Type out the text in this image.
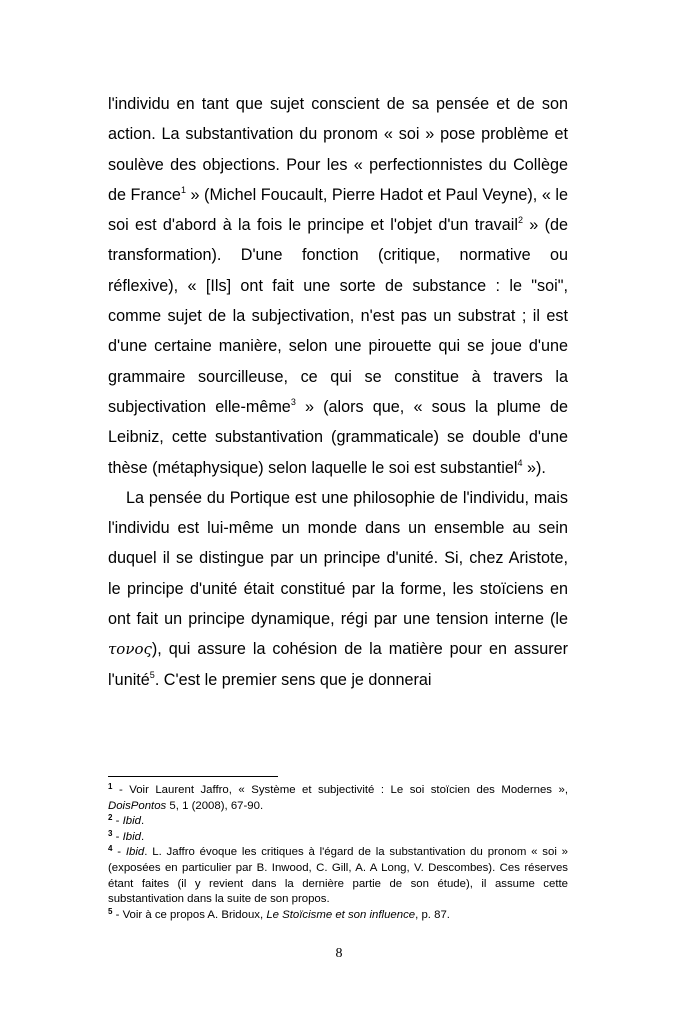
l'individu en tant que sujet conscient de sa pensée et de son action. La substantivation du pronom « soi » pose problème et soulève des objections. Pour les « perfectionnistes du Collège de France$^1$ » (Michel Foucault, Pierre Hadot et Paul Veyne), « le soi est d'abord à la fois le principe et l'objet d'un travail$^2$ » (de transformation). D'une fonction (critique, normative ou réflexive), « [Ils] ont fait une sorte de substance : le "soi", comme sujet de la subjectivation, n'est pas un substrat ; il est d'une certaine manière, selon une pirouette qui se joue d'une grammaire sourcilleuse, ce qui se constitue à travers la subjectivation elle-même$^3$ » (alors que, « sous la plume de Leibniz, cette substantivation (grammaticale) se double d'une thèse (métaphysique) selon laquelle le soi est substantiel$^4$ »).

La pensée du Portique est une philosophie de l'individu, mais l'individu est lui-même un monde dans un ensemble au sein duquel il se distingue par un principe d'unité. Si, chez Aristote, le principe d'unité était constitué par la forme, les stoïciens en ont fait un principe dynamique, régi par une tension interne (le τονος), qui assure la cohésion de la matière pour en assurer l'unité$^5$. C'est le premier sens que je donnerai

$^1$ - Voir Laurent Jaffro, « Système et subjectivité : Le soi stoïcien des Modernes », DoisPontos 5, 1 (2008), 67-90.

$^2$ - Ibid.

$^3$ - Ibid.

$^4$ - Ibid. L. Jaffro évoque les critiques à l'égard de la substantivation du pronom « soi » (exposées en particulier par B. Inwood, C. Gill, A. A Long, V. Descombes). Ces réserves étant faites (il y revient dans la dernière partie de son étude), il assume cette substantivation dans la suite de son propos.

$^5$ - Voir à ce propos A. Bridoux, Le Stoïcisme et son influence, p. 87.

8
